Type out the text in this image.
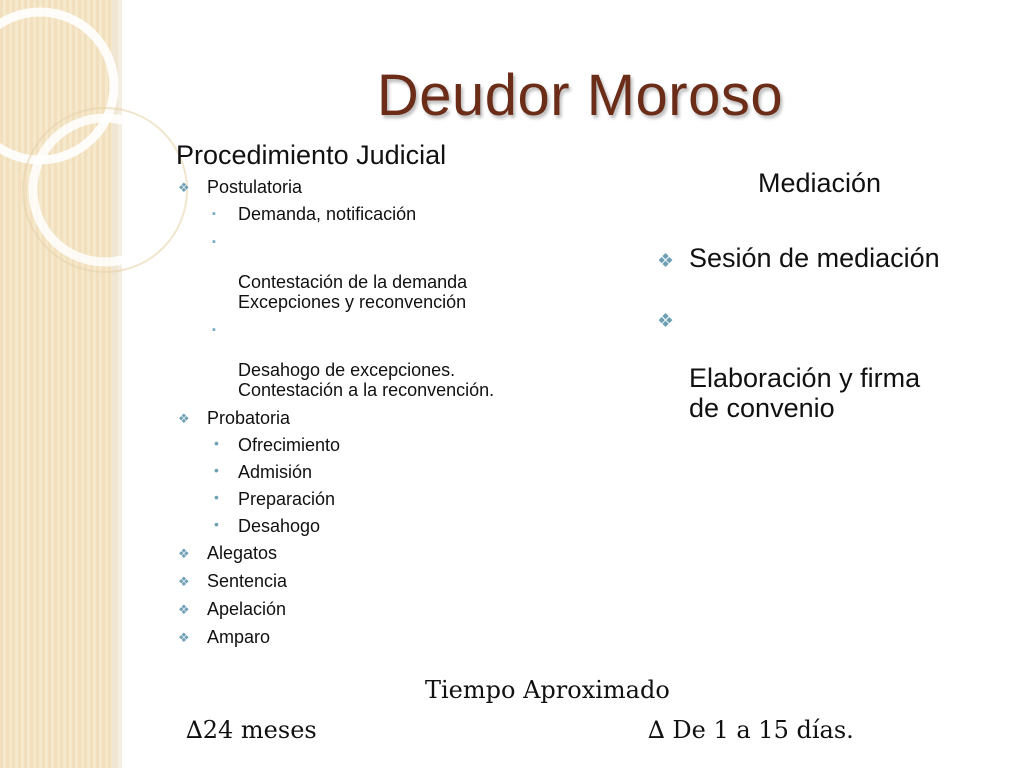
Deudor Moroso
Procedimiento Judicial
❖ Postulatoria
▪ Demanda, notificación

▪

Contestación de la demanda
Excepciones y reconvención

▪

Desahogo de excepciones.
Contestación a la reconvención.

❖ Probatoria
• Ofrecimiento
• Admisión
• Preparación
• Desahogo
❖ Alegatos
❖ Sentencia
❖ Apelación
❖ Amparo
Mediación
❖ Sesión de mediación

❖

Elaboración y firma
de convenio

Tiempo Aproximado
∆24 meses	∆ De 1 a 15 días.
